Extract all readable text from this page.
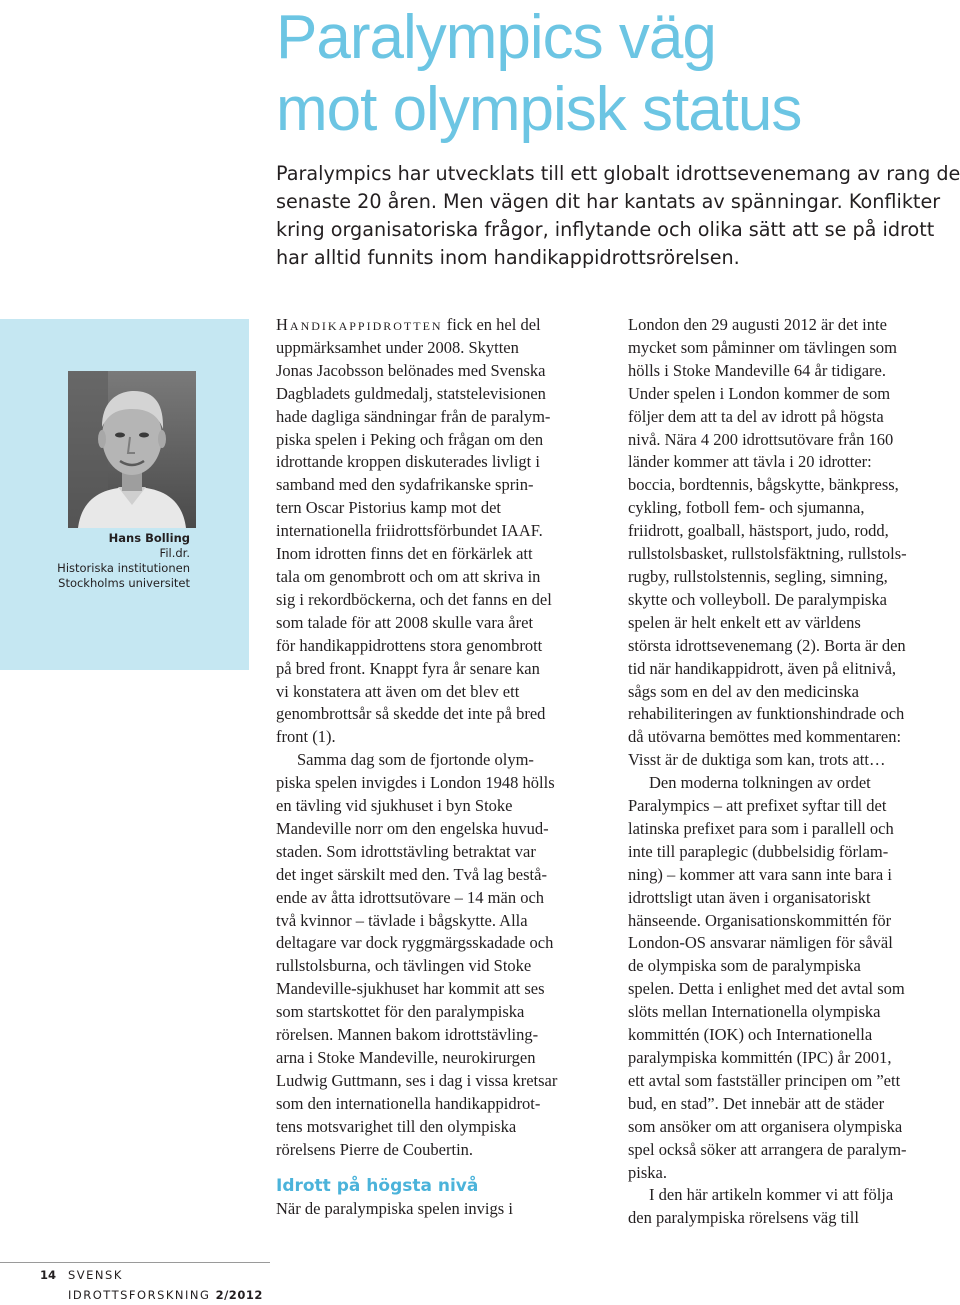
Paralympics väg
mot olympisk status
Paralympics har utvecklats till ett globalt idrottsevenemang av rang de
senaste 20 åren. Men vägen dit har kantats av spänningar. Konflikter
kring organisatoriska frågor, inflytande och olika sätt att se på idrott
har alltid funnits inom handikappidrottsrörelsen.
Hans Bolling
Fil.dr.
Historiska institutionen
Stockholms universitet
Handikappidrotten fick en hel del
uppmärksamhet under 2008. Skytten
Jonas Jacobsson belönades med Svenska
Dagbladets guldmedalj, statstelevisionen
hade dagliga sändningar från de paralym-
piska spelen i Peking och frågan om den
idrottande kroppen diskuterades livligt i
samband med den sydafrikanske sprin-
tern Oscar Pistorius kamp mot det
internationella friidrottsförbundet IAAF.
Inom idrotten finns det en förkärlek att
tala om genombrott och om att skriva in
sig i rekordböckerna, och det fanns en del
som talade för att 2008 skulle vara året
för handikappidrottens stora genombrott
på bred front. Knappt fyra år senare kan
vi konstatera att även om det blev ett
genombrottsår så skedde det inte på bred
front (1).
Samma dag som de fjortonde olym-
piska spelen invigdes i London 1948 hölls
en tävling vid sjukhuset i byn Stoke
Mandeville norr om den engelska huvud-
staden. Som idrottstävling betraktat var
det inget särskilt med den. Två lag bestå-
ende av åtta idrottsutövare – 14 män och
två kvinnor – tävlade i bågskytte. Alla
deltagare var dock ryggmärgsskadade och
rullstolsburna, och tävlingen vid Stoke
Mandeville-sjukhuset har kommit att ses
som startskottet för den paralympiska
rörelsen. Mannen bakom idrottstävling-
arna i Stoke Mandeville, neurokirurgen
Ludwig Guttmann, ses i dag i vissa kretsar
som den internationella handikappidrot-
tens motsvarighet till den olympiska
rörelsens Pierre de Coubertin.
Idrott på högsta nivå
När de paralympiska spelen invigs i
London den 29 augusti 2012 är det inte
mycket som påminner om tävlingen som
hölls i Stoke Mandeville 64 år tidigare.
Under spelen i London kommer de som
följer dem att ta del av idrott på högsta
nivå. Nära 4 200 idrottsutövare från 160
länder kommer att tävla i 20 idrotter:
boccia, bordtennis, bågskytte, bänkpress,
cykling, fotboll fem- och sjumanna,
friidrott, goalball, hästsport, judo, rodd,
rullstolsbasket, rullstolsfäktning, rullstols-
rugby, rullstolstennis, segling, simning,
skytte och volleyboll. De paralympiska
spelen är helt enkelt ett av världens
största idrottsevenemang (2). Borta är den
tid när handikappidrott, även på elitnivå,
sågs som en del av den medicinska
rehabiliteringen av funktionshindrade och
då utövarna bemöttes med kommentaren:
Visst är de duktiga som kan, trots att…
Den moderna tolkningen av ordet
Paralympics – att prefixet syftar till det
latinska prefixet para som i parallell och
inte till paraplegic (dubbelsidig förlam-
ning) – kommer att vara sann inte bara i
idrottsligt utan även i organisatoriskt
hänseende. Organisationskommittén för
London-OS ansvarar nämligen för såväl
de olympiska som de paralympiska
spelen. Detta i enlighet med det avtal som
slöts mellan Internationella olympiska
kommittén (IOK) och Internationella
paralympiska kommittén (IPC) år 2001,
ett avtal som fastställer principen om ”ett
bud, en stad”. Det innebär att de städer
som ansöker om att organisera olympiska
spel också söker att arrangera de paralym-
piska.
I den här artikeln kommer vi att följa
den paralympiska rörelsens väg till
14 SVENSK IDROTTSFORSKNING 2/2012
